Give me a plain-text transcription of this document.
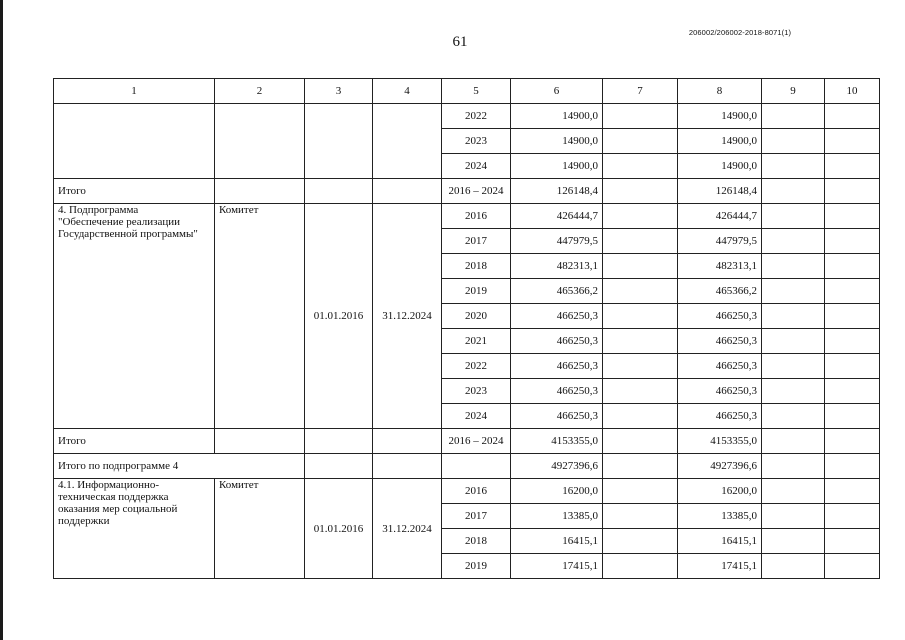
61
206002/206002-2018-8071(1)
1	2	3	4	5	6	7	8	9	10
				2022	14900,0		14900,0		
				2023	14900,0		14900,0		
				2024	14900,0		14900,0		
Итого				2016 – 2024	126148,4		126148,4		
4. Подпрограмма
"Обеспечение реализации
Государственной программы"	Комитет	01.01.2016	31.12.2024	2016	426444,7		426444,7		
				2017	447979,5		447979,5		
				2018	482313,1		482313,1		
				2019	465366,2		465366,2		
				2020	466250,3		466250,3		
				2021	466250,3		466250,3		
				2022	466250,3		466250,3		
				2023	466250,3		466250,3		
				2024	466250,3		466250,3		
Итого				2016 – 2024	4153355,0		4153355,0		
Итого по подпрограмме 4					4927396,6		4927396,6		
4.1. Информационно-
техническая поддержка
оказания мер социальной
поддержки	Комитет	01.01.2016	31.12.2024	2016	16200,0		16200,0		
				2017	13385,0		13385,0		
				2018	16415,1		16415,1		
				2019	17415,1		17415,1		
